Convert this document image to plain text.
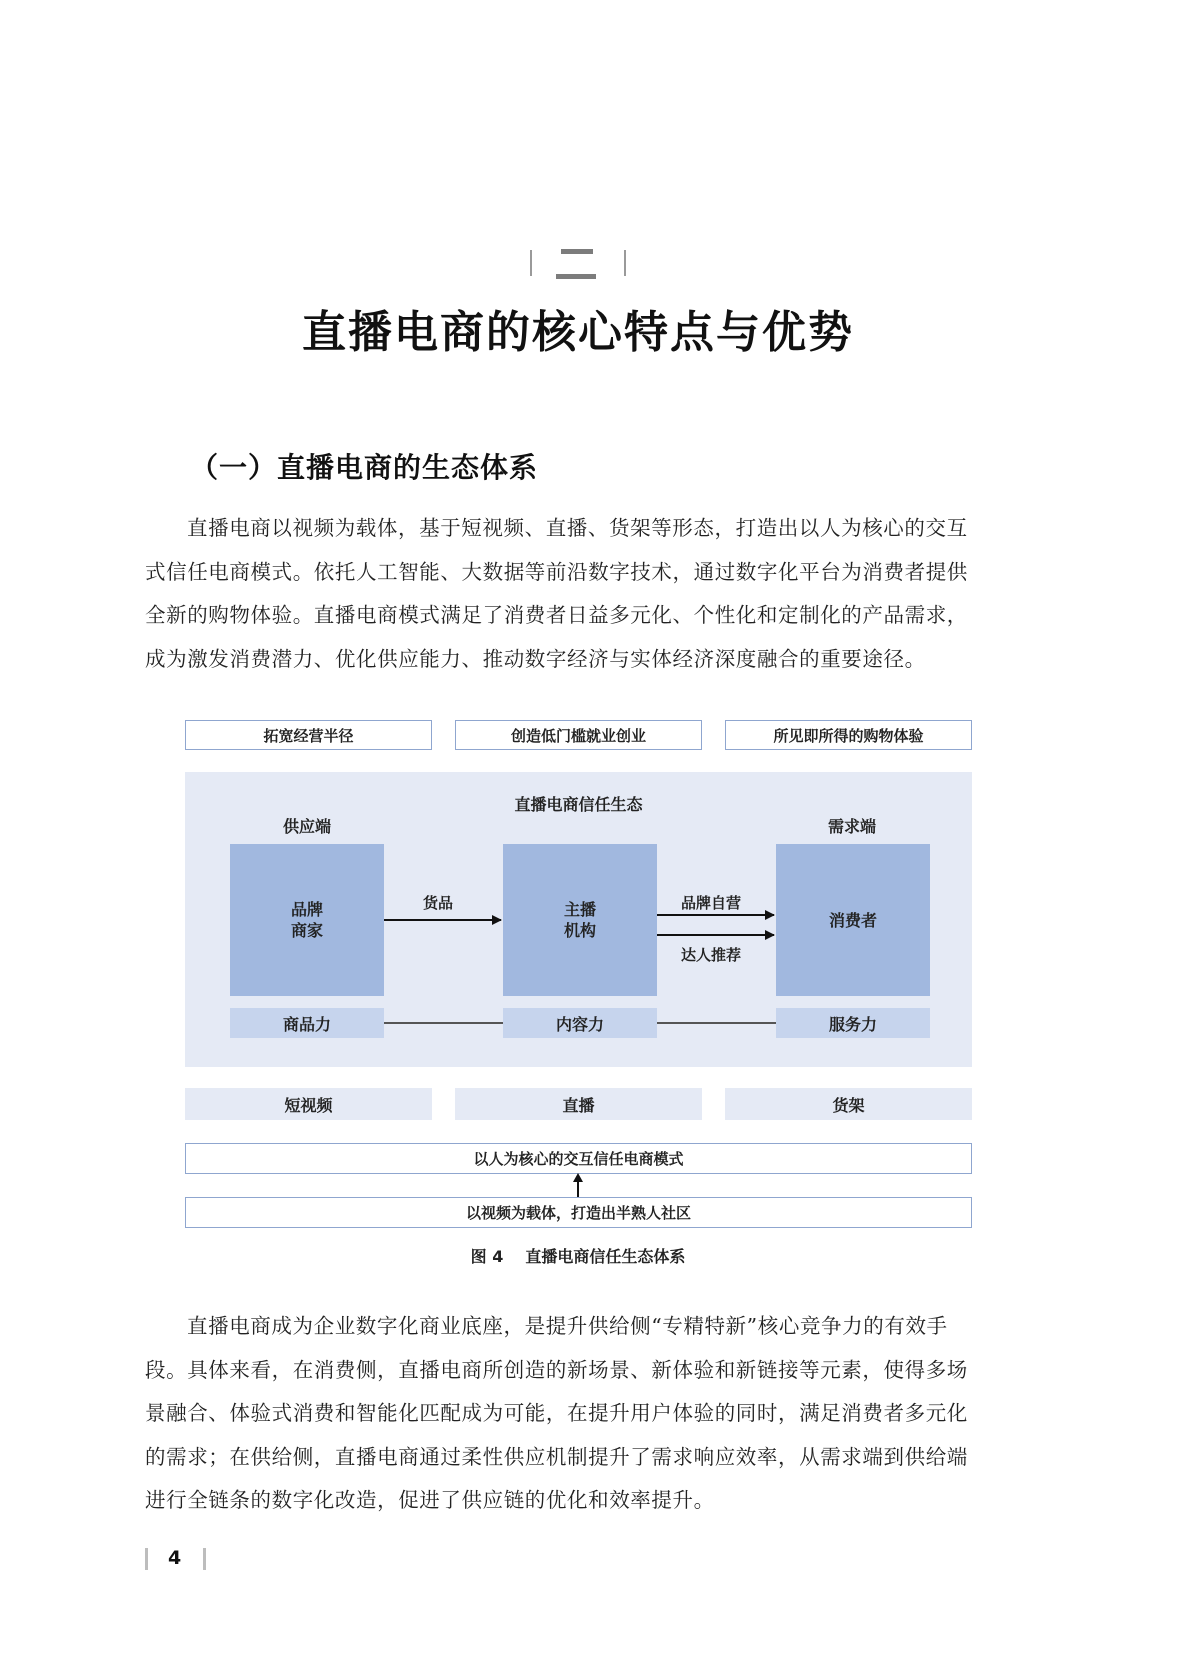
直播电商的核心特点与优势
（一）直播电商的生态体系
直播电商以视频为载体，基于短视频、直播、货架等形态，打造出以人为核心的交互
式信任电商模式。依托人工智能、大数据等前沿数字技术，通过数字化平台为消费者提供
全新的购物体验。直播电商模式满足了消费者日益多元化、个性化和定制化的产品需求，
成为激发消费潜力、优化供应能力、推动数字经济与实体经济深度融合的重要途径。
拓宽经营半径	创造低门槛就业创业	所见即所得的购物体验
直播电商信任生态
供应端	需求端
品牌
商家
主播
机构
消费者
货品	品牌自营
达人推荐
商品力	内容力	服务力
短视频	直播	货架
以人为核心的交互信任电商模式
以视频为载体，打造出半熟人社区
图 4 直播电商信任生态体系
直播电商成为企业数字化商业底座，是提升供给侧“专精特新”核心竞争力的有效手
段。具体来看，在消费侧，直播电商所创造的新场景、新体验和新链接等元素，使得多场
景融合、体验式消费和智能化匹配成为可能，在提升用户体验的同时，满足消费者多元化
的需求；在供给侧，直播电商通过柔性供应机制提升了需求响应效率，从需求端到供给端
进行全链条的数字化改造，促进了供应链的优化和效率提升。
4
